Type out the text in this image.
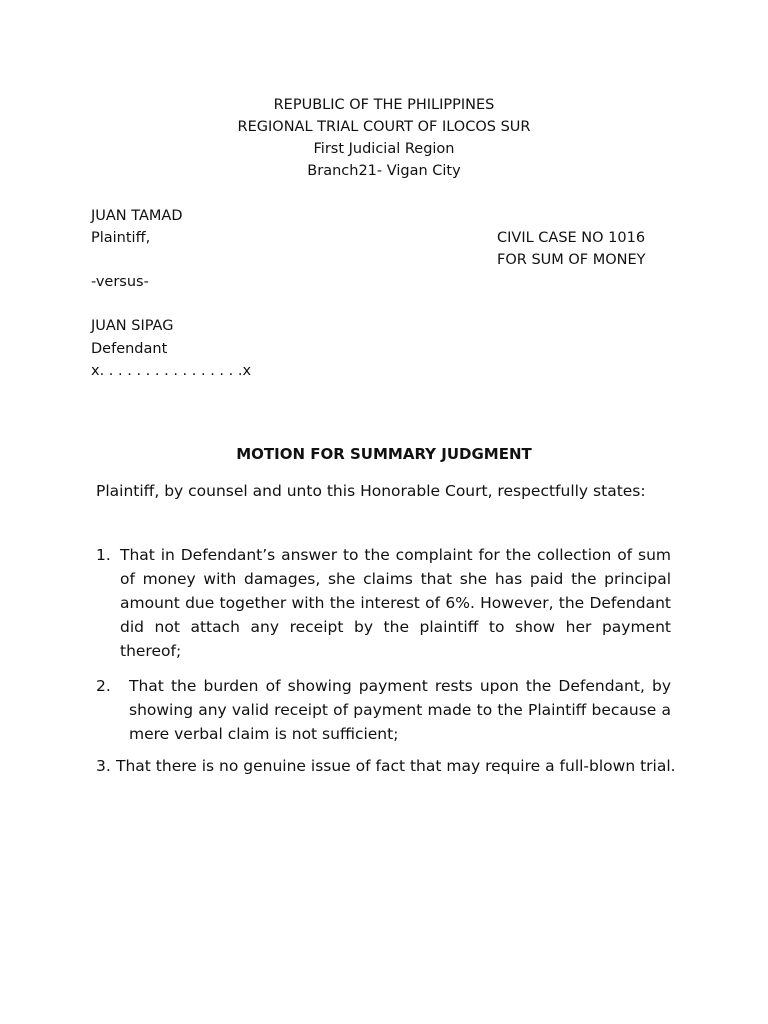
REPUBLIC OF THE PHILIPPINES
REGIONAL TRIAL COURT OF ILOCOS SUR
First Judicial Region
Branch21- Vigan City
JUAN TAMAD
Plaintiff,	CIVIL CASE NO 1016
FOR SUM OF MONEY
-versus-
JUAN SIPAG
Defendant
x. . . . . . . . . . . . . . . .x
MOTION FOR SUMMARY JUDGMENT
Plaintiff, by counsel and unto this Honorable Court, respectfully states:
1. That in Defendant’s answer to the complaint for the collection of sum of money with damages, she claims that she has paid the principal amount due together with the interest of 6%. However, the Defendant did not attach any receipt by the plaintiff to show her payment thereof;
2. That the burden of showing payment rests upon the Defendant, by showing any valid receipt of payment made to the Plaintiff because a mere verbal claim is not sufficient;
3. That there is no genuine issue of fact that may require a full-blown trial.
